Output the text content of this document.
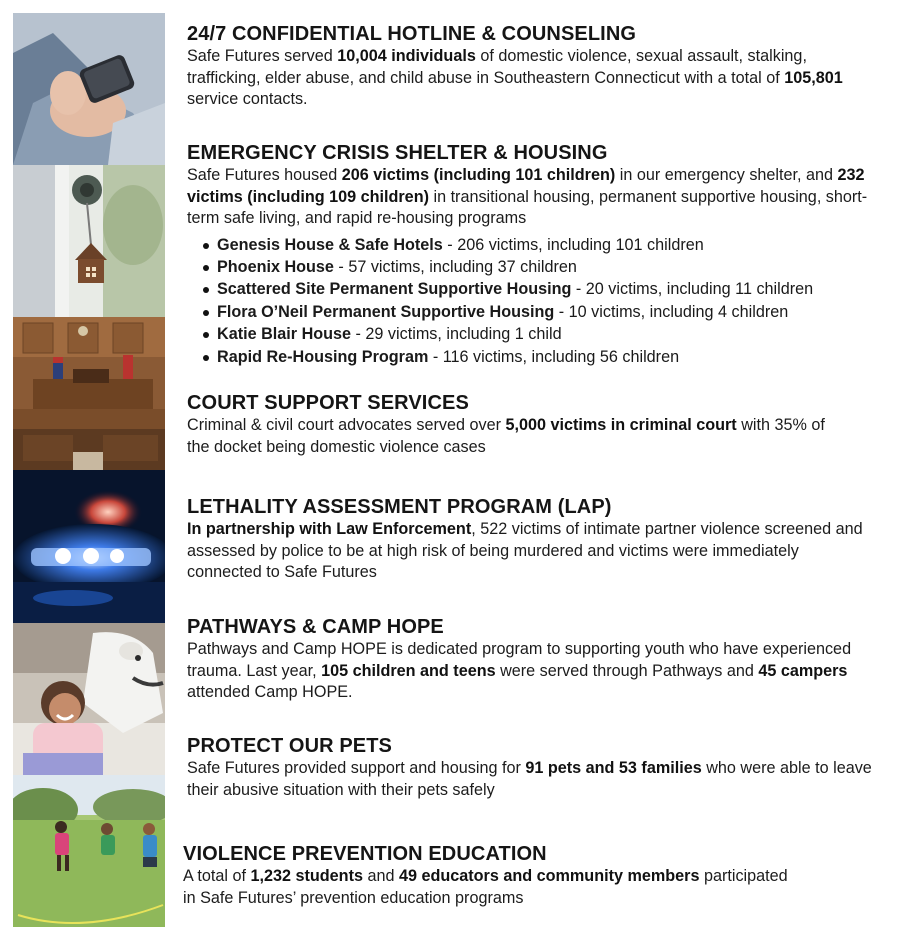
24/7 CONFIDENTIAL HOTLINE & COUNSELING

Safe Futures served 10,004 individuals of domestic violence, sexual assault, stalking, trafficking, elder abuse, and child abuse in Southeastern Connecticut with a total of 105,801 service contacts.

EMERGENCY CRISIS SHELTER & HOUSING

Safe Futures housed 206 victims (including 101 children) in our emergency shelter, and 232 victims (including 109 children) in transitional housing, permanent supportive housing, short-term safe living, and rapid re-housing programs

Genesis House & Safe Hotels - 206 victims, including 101 children
Phoenix House - 57 victims, including 37 children
Scattered Site Permanent Supportive Housing - 20 victims, including 11 children
Flora O’Neil Permanent Supportive Housing - 10 victims, including 4 children
Katie Blair House - 29 victims, including 1 child
Rapid Re-Housing Program - 116 victims, including 56 children
COURT SUPPORT SERVICES

Criminal & civil court advocates served over 5,000 victims in criminal court with 35% of the docket being domestic violence cases

LETHALITY ASSESSMENT PROGRAM (LAP)

In partnership with Law Enforcement, 522 victims of intimate partner violence screened and assessed by police to be at high risk of being murdered and victims were immediately connected to Safe Futures

PATHWAYS & CAMP HOPE

Pathways and Camp HOPE is dedicated program to supporting youth who have experienced trauma. Last year, 105 children and teens were served through Pathways and 45 campers attended Camp HOPE.

PROTECT OUR PETS

Safe Futures provided support and housing for 91 pets and 53 families who were able to leave their abusive situation with their pets safely

VIOLENCE PREVENTION EDUCATION

A total of 1,232 students and 49 educators and community members participated in Safe Futures’ prevention education programs
